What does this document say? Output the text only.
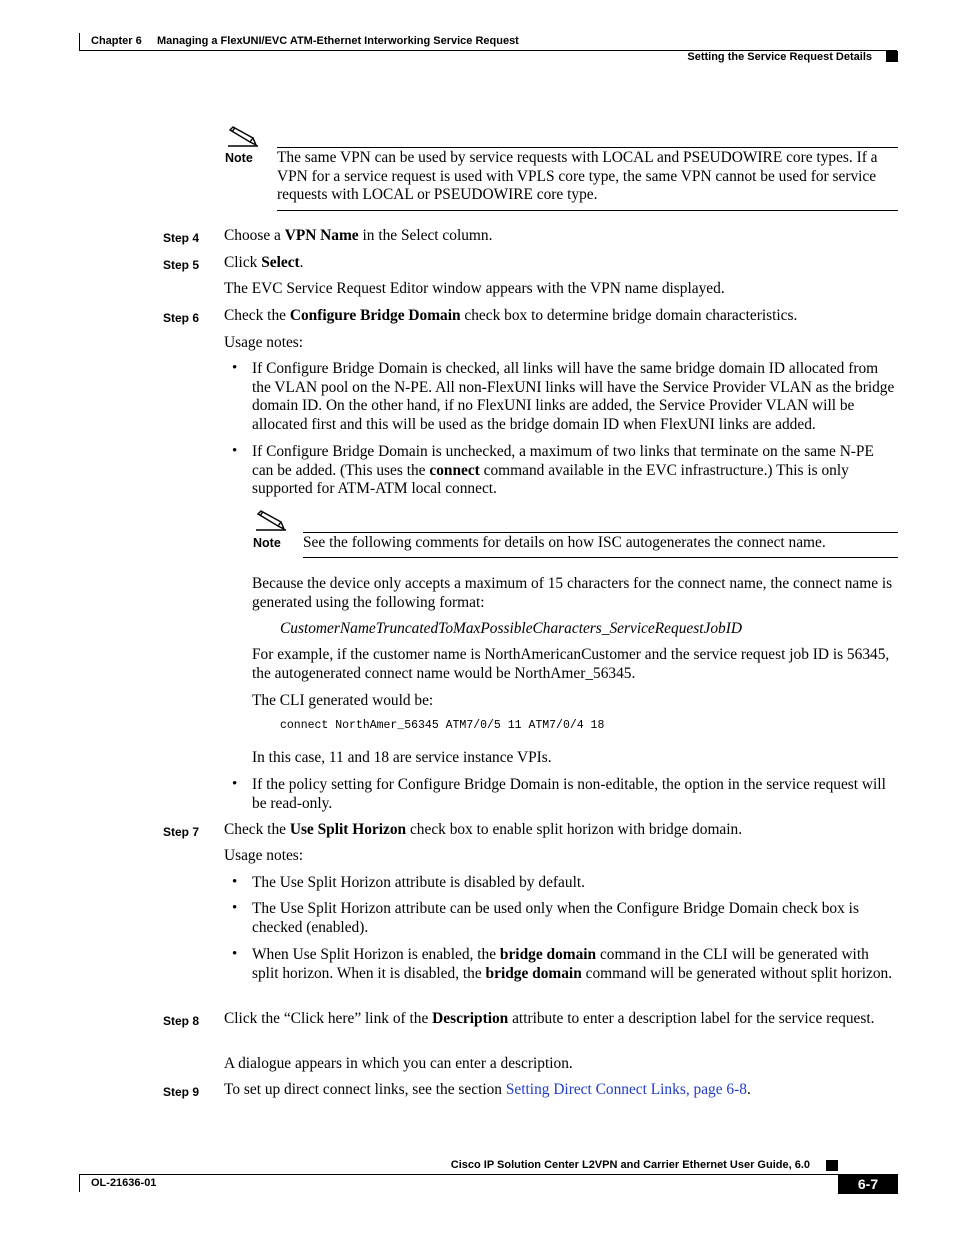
Chapter 6 Managing a FlexUNI/EVC ATM-Ethernet Interworking Service Request
Setting the Service Request Details
Note The same VPN can be used by service requests with LOCAL and PSEUDOWIRE core types. If a VPN for a service request is used with VPLS core type, the same VPN cannot be used for service requests with LOCAL or PSEUDOWIRE core type.
Step 4 Choose a VPN Name in the Select column.
Step 5 Click Select.
The EVC Service Request Editor window appears with the VPN name displayed.
Step 6 Check the Configure Bridge Domain check box to determine bridge domain characteristics.
Usage notes:
• If Configure Bridge Domain is checked, all links will have the same bridge domain ID allocated from the VLAN pool on the N-PE. All non-FlexUNI links will have the Service Provider VLAN as the bridge domain ID. On the other hand, if no FlexUNI links are added, the Service Provider VLAN will be allocated first and this will be used as the bridge domain ID when FlexUNI links are added.
• If Configure Bridge Domain is unchecked, a maximum of two links that terminate on the same N-PE can be added. (This uses the connect command available in the EVC infrastructure.) This is only supported for ATM-ATM local connect.
Note See the following comments for details on how ISC autogenerates the connect name.
Because the device only accepts a maximum of 15 characters for the connect name, the connect name is generated using the following format:
CustomerNameTruncatedToMaxPossibleCharacters_ServiceRequestJobID
For example, if the customer name is NorthAmericanCustomer and the service request job ID is 56345, the autogenerated connect name would be NorthAmer_56345.
The CLI generated would be:
connect NorthAmer_56345 ATM7/0/5 11 ATM7/0/4 18
In this case, 11 and 18 are service instance VPIs.
• If the policy setting for Configure Bridge Domain is non-editable, the option in the service request will be read-only.
Step 7 Check the Use Split Horizon check box to enable split horizon with bridge domain.
Usage notes:
• The Use Split Horizon attribute is disabled by default.
• The Use Split Horizon attribute can be used only when the Configure Bridge Domain check box is checked (enabled).
• When Use Split Horizon is enabled, the bridge domain command in the CLI will be generated with split horizon. When it is disabled, the bridge domain command will be generated without split horizon.
Step 8 Click the “Click here” link of the Description attribute to enter a description label for the service request.
A dialogue appears in which you can enter a description.
Step 9 To set up direct connect links, see the section Setting Direct Connect Links, page 6-8.
Cisco IP Solution Center L2VPN and Carrier Ethernet User Guide, 6.0
OL-21636-01	6-7
